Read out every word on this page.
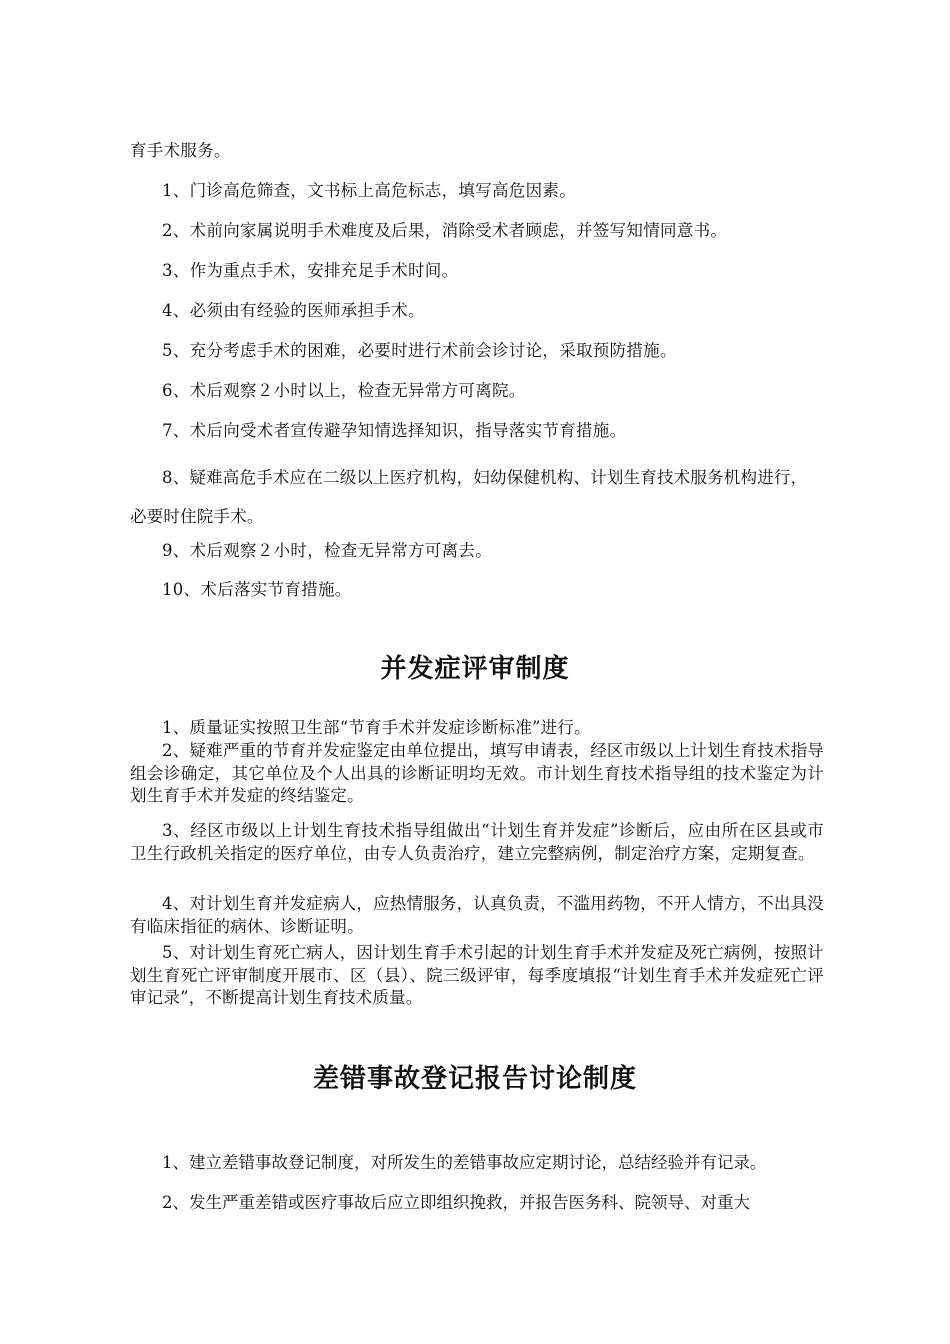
育手术服务。
1、门诊高危筛查，文书标上高危标志，填写高危因素。
2、术前向家属说明手术难度及后果，消除受术者顾虑，并签写知情同意书。
3、作为重点手术，安排充足手术时间。
4、必须由有经验的医师承担手术。
5、充分考虑手术的困难，必要时进行术前会诊讨论，采取预防措施。
6、术后观察２小时以上，检查无异常方可离院。
7、术后向受术者宣传避孕知情选择知识，指导落实节育措施。
8、疑难高危手术应在二级以上医疗机构，妇幼保健机构、计划生育技术服务机构进行，必要时住院手术。
9、术后观察２小时，检查无异常方可离去。
10、术后落实节育措施。
并发症评审制度
1、质量证实按照卫生部“节育手术并发症诊断标准”进行。
2、疑难严重的节育并发症鉴定由单位提出，填写申请表，经区市级以上计划生育技术指导组会诊确定，其它单位及个人出具的诊断证明均无效。市计划生育技术指导组的技术鉴定为计划生育手术并发症的终结鉴定。
3、经区市级以上计划生育技术指导组做出“计划生育并发症”诊断后，应由所在区县或市卫生行政机关指定的医疗单位，由专人负责治疗，建立完整病例，制定治疗方案，定期复查。
4、对计划生育并发症病人，应热情服务，认真负责，不滥用药物，不开人情方，不出具没有临床指征的病休、诊断证明。
5、对计划生育死亡病人，因计划生育手术引起的计划生育手术并发症及死亡病例，按照计划生育死亡评审制度开展市、区（县）、院三级评审，每季度填报“计划生育手术并发症死亡评审记录”，不断提高计划生育技术质量。
差错事故登记报告讨论制度
1、建立差错事故登记制度，对所发生的差错事故应定期讨论，总结经验并有记录。
2、发生严重差错或医疗事故后应立即组织挽救，并报告医务科、院领导、对重大
